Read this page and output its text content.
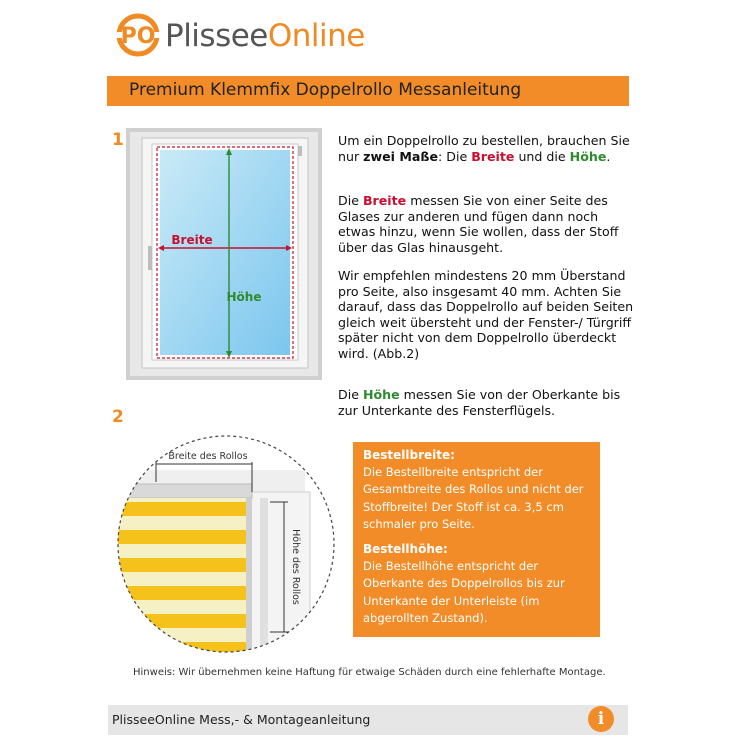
PO PlisseeOnline
Premium Klemmfix Doppelrollo Messanleitung
1
2
Breite
Höhe
Um ein Doppelrollo zu bestellen, brauchen Sie nur zwei Maße: Die Breite und die Höhe.
Die Breite messen Sie von einer Seite des Glases zur anderen und fügen dann noch etwas hinzu, wenn Sie wollen, dass der Stoff über das Glas hinausgeht.
Wir empfehlen mindestens 20 mm Überstand pro Seite, also insgesamt 40 mm. Achten Sie darauf, dass das Doppelrollo auf beiden Seiten gleich weit übersteht und der Fenster-/ Türgriff später nicht von dem Doppelrollo überdeckt wird. (Abb.2)
Die Höhe messen Sie von der Oberkante bis zur Unterkante des Fensterflügels.
Breite des Rollos
Höhe des Rollos
Bestellbreite:
Die Bestellbreite entspricht der Gesamtbreite des Rollos und nicht der Stoffbreite! Der Stoff ist ca. 3,5 cm schmaler pro Seite.
Bestellhöhe:
Die Bestellhöhe entspricht der Oberkante des Doppelrollos bis zur Unterkante der Unterleiste (im abgerollten Zustand).
Hinweis: Wir übernehmen keine Haftung für etwaige Schäden durch eine fehlerhafte Montage.
PlisseeOnline Mess,- & Montageanleitung	i
